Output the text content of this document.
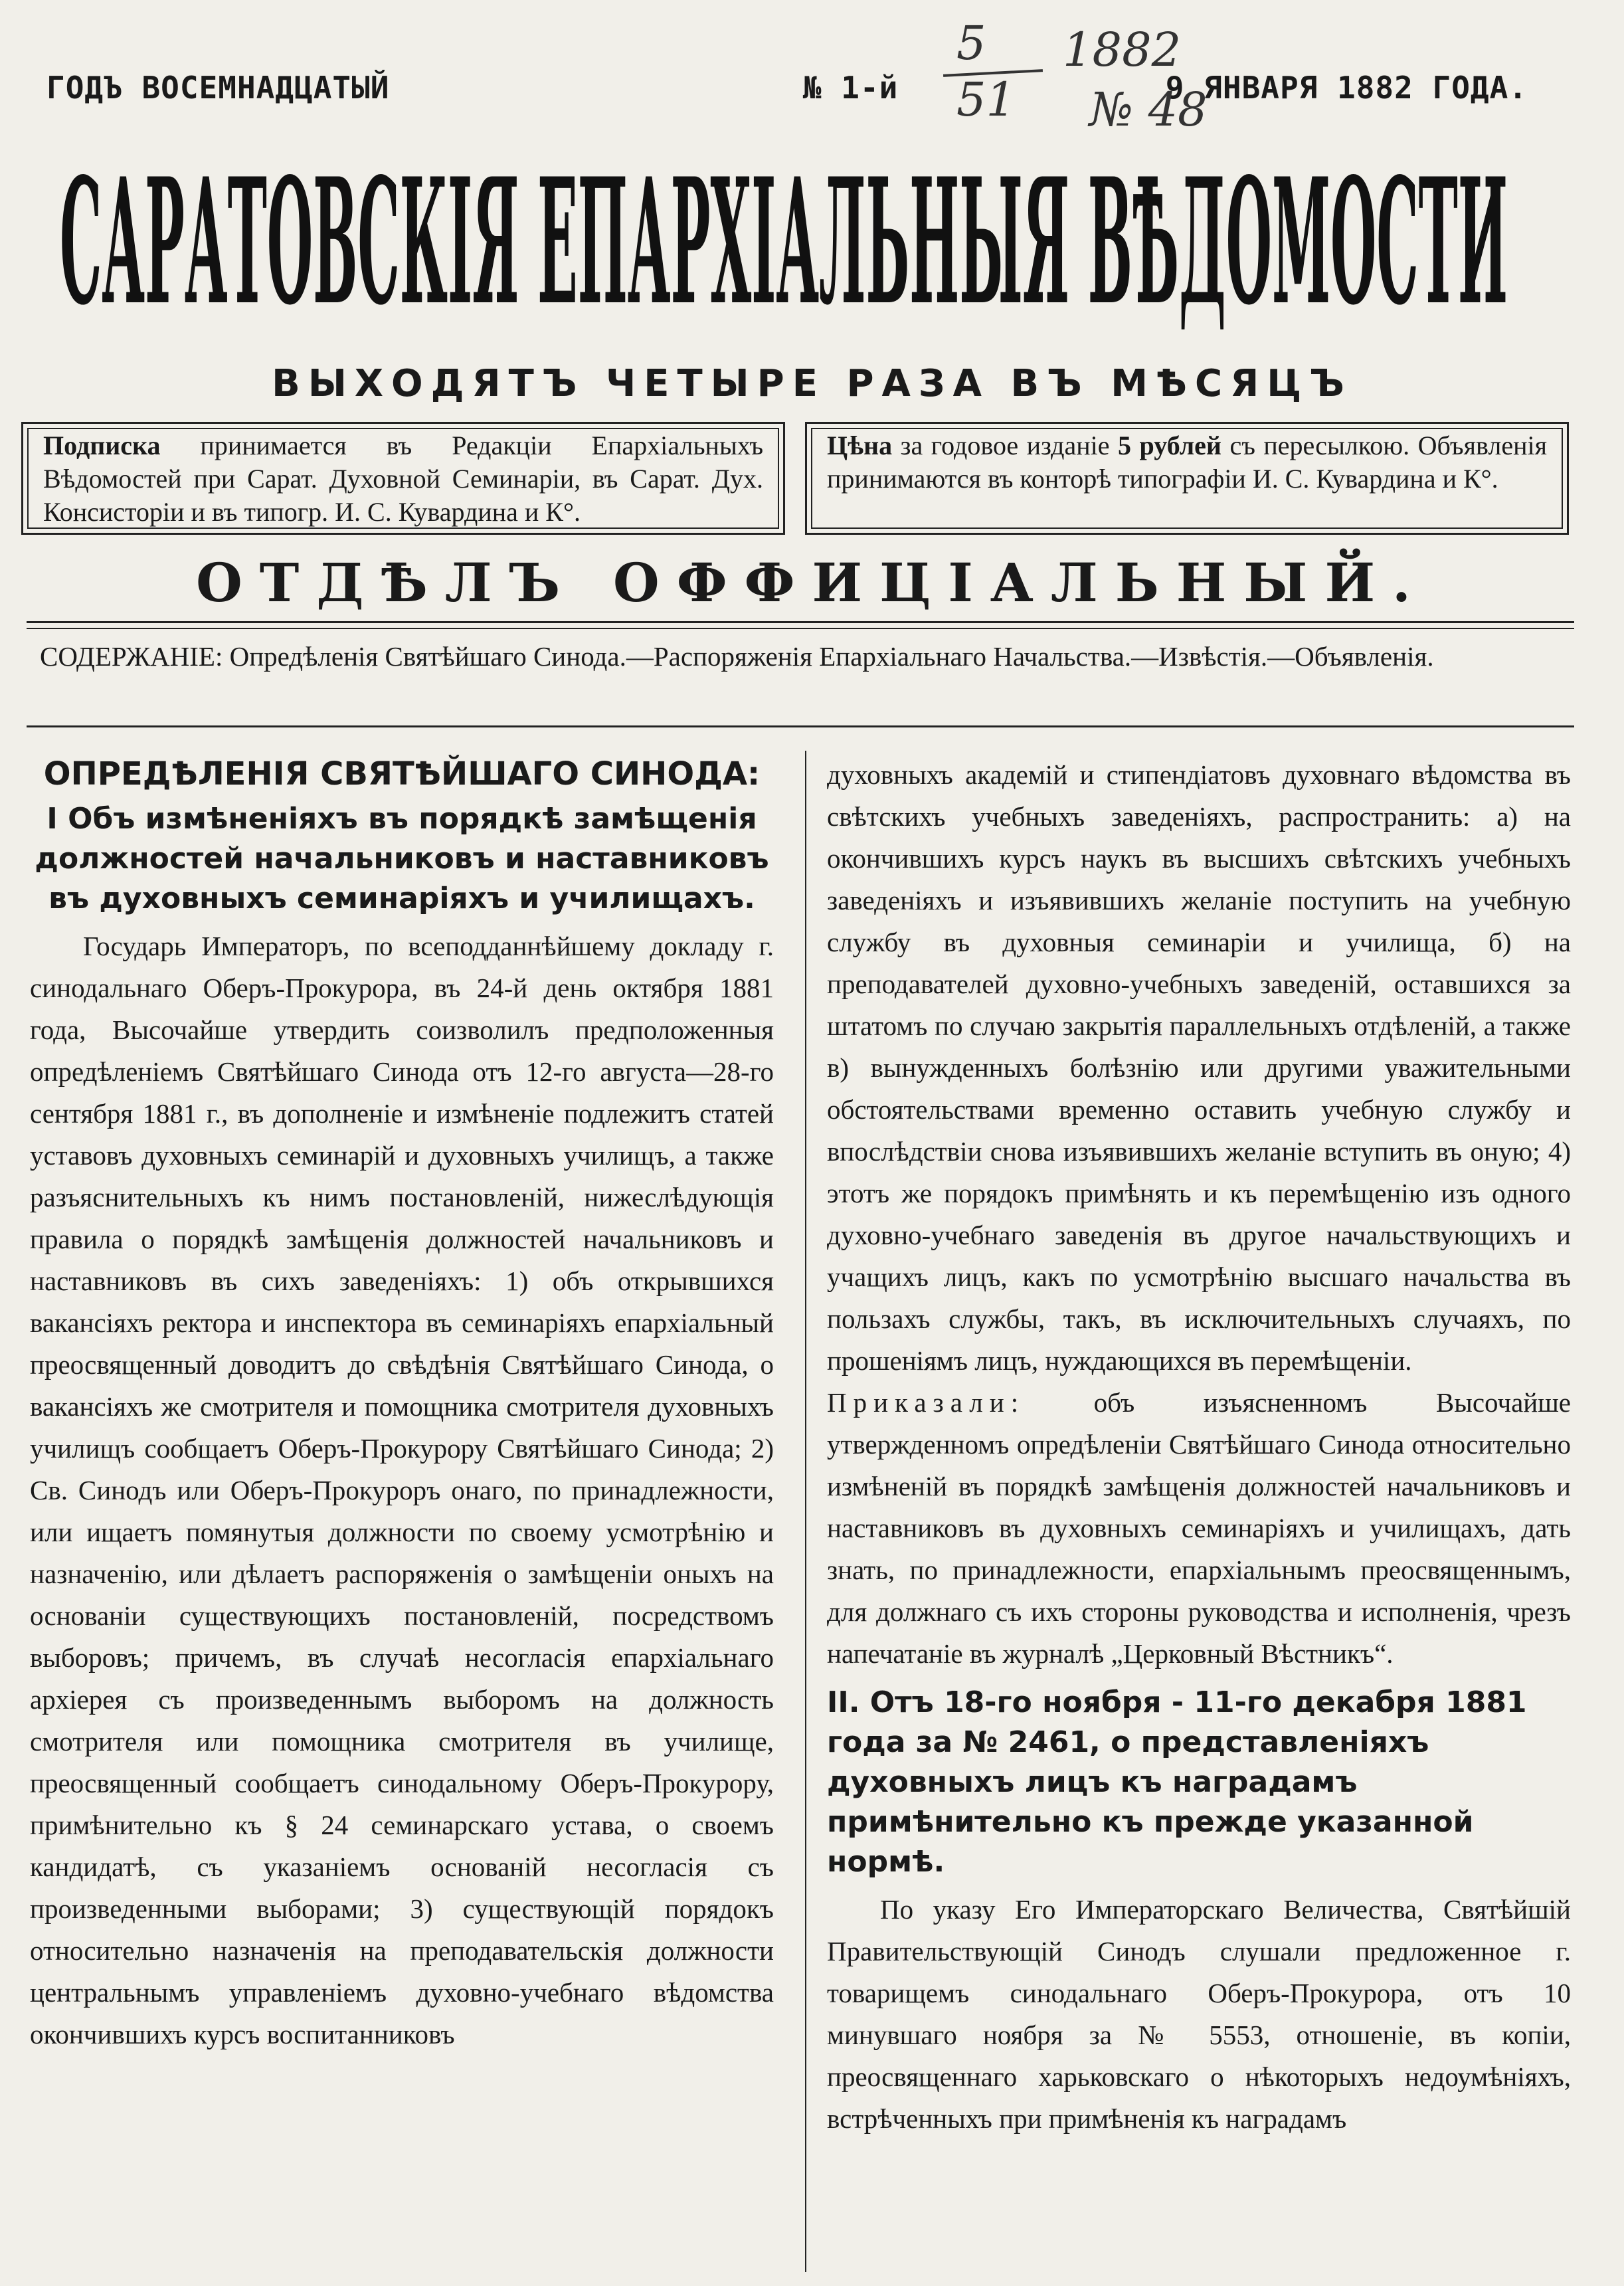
ГОДЪ ВОСЕМНАДЦАТЫЙ	№ 1-й	9 ЯНВАРЯ 1882 ГОДА.
5 1882
51 № 48
САРАТОВСКІЯ ЕПАРХІАЛЬНЫЯ ВѢДОМОСТИ
ВЫХОДЯТЪ ЧЕТЫРЕ РАЗА ВЪ МѢСЯЦЪ
Подписка принимается въ Редакціи Епархіальныхъ Вѣдомостей при Сарат. Духовной Семинаріи, въ Сарат. Дух. Консисторіи и въ типогр. И. С. Кувардина и К°.
Цѣна за годовое изданіе 5 рублей съ пересылкою. Объявленія принимаются въ конторѣ типографіи И. С. Кувардина и К°.
ОТДѢЛЪ ОФФИЦІАЛЬНЫЙ.
СОДЕРЖАНІЕ: Опредѣленія Святѣйшаго Синода.—Распоряженія Епархіальнаго Начальства.—Извѣстія.—Объявленія.
ОПРЕДѢЛЕНІЯ СВЯТѢЙШАГО СИНОДА:
I Объ измѣненіяхъ въ порядкѣ замѣщенія должностей начальниковъ и наставниковъ въ духовныхъ семинаріяхъ и училищахъ.

Государь Императоръ, по всеподданнѣйшему докладу г. синодальнаго Оберъ-Прокурора, въ 24-й день октября 1881 года, Высочайше утвердить соизволилъ предположенныя опредѣленіемъ Святѣйшаго Синода отъ 12-го августа—28-го сентября 1881 г., въ дополненіе и измѣненіе подлежитъ статей уставовъ духовныхъ семинарій и духовныхъ училищъ, а также разъяснительныхъ къ нимъ постановленій, нижеслѣдующія правила о порядкѣ замѣщенія должностей начальниковъ и наставниковъ въ сихъ заведеніяхъ: 1) объ открывшихся вакансіяхъ ректора и инспектора въ семинаріяхъ епархіальный преосвященный доводитъ до свѣдѣнія Святѣйшаго Синода, о вакансіяхъ же смотрителя и помощника смотрителя духовныхъ училищъ сообщаетъ Оберъ-Прокурору Святѣйшаго Синода; 2) Св. Синодъ или Оберъ-Прокуроръ онаго, по принадлежности, или ищаетъ помянутыя должности по своему усмотрѣнію и назначенію, или дѣлаетъ распоряженія о замѣщеніи оныхъ на основаніи существующихъ постановленій, посредствомъ выборовъ; причемъ, въ случаѣ несогласія епархіальнаго архіерея съ произведеннымъ выборомъ на должность смотрителя или помощника смотрителя въ училище, преосвященный сообщаетъ синодальному Оберъ-Прокурору, примѣнительно къ § 24 семинарскаго устава, о своемъ кандидатѣ, съ указаніемъ основаній несогласія съ произведенными выборами; 3) существующій порядокъ относительно назначенія на преподавательскія должности центральнымъ управленіемъ духовно-учебнаго вѣдомства окончившихъ курсъ воспитанниковъ

духовныхъ академій и стипендіатовъ духовнаго вѣдомства въ свѣтскихъ учебныхъ заведеніяхъ, распространить: а) на окончившихъ курсъ наукъ въ высшихъ свѣтскихъ учебныхъ заведеніяхъ и изъявившихъ желаніе поступить на учебную службу въ духовныя семинаріи и училища, б) на преподавателей духовно-учебныхъ заведеній, оставшихся за штатомъ по случаю закрытія параллельныхъ отдѣленій, а также в) вынужденныхъ болѣзнію или другими уважительными обстоятельствами временно оставить учебную службу и впослѣдствіи снова изъявившихъ желаніе вступить въ оную; 4) этотъ же порядокъ примѣнять и къ перемѣщенію изъ одного духовно-учебнаго заведенія въ другое начальствующихъ и учащихъ лицъ, какъ по усмотрѣнію высшаго начальства въ пользахъ службы, такъ, въ исключительныхъ случаяхъ, по прошеніямъ лицъ, нуждающихся въ перемѣщеніи.

Приказали: объ изъясненномъ Высочайше утвержденномъ опредѣленіи Святѣйшаго Синода относительно измѣненій въ порядкѣ замѣщенія должностей начальниковъ и наставниковъ въ духовныхъ семинаріяхъ и училищахъ, дать знать, по принадлежности, епархіальнымъ преосвященнымъ, для должнаго съ ихъ стороны руководства и исполненія, чрезъ напечатаніе въ журналѣ „Церковный Вѣстникъ“.

II. Отъ 18-го ноября - 11-го декабря 1881 года за № 2461, о представленіяхъ духовныхъ лицъ къ наградамъ примѣнительно къ прежде указанной нормѣ.

По указу Его Императорскаго Величества, Святѣйшій Правительствующій Синодъ слушали предложенное г. товарищемъ синодальнаго Оберъ-Прокурора, отъ 10 минувшаго ноября за № 5553, отношеніе, въ копіи, преосвященнаго харьковскаго о нѣкоторыхъ недоумѣніяхъ, встрѣченныхъ при примѣненія къ наградамъ
